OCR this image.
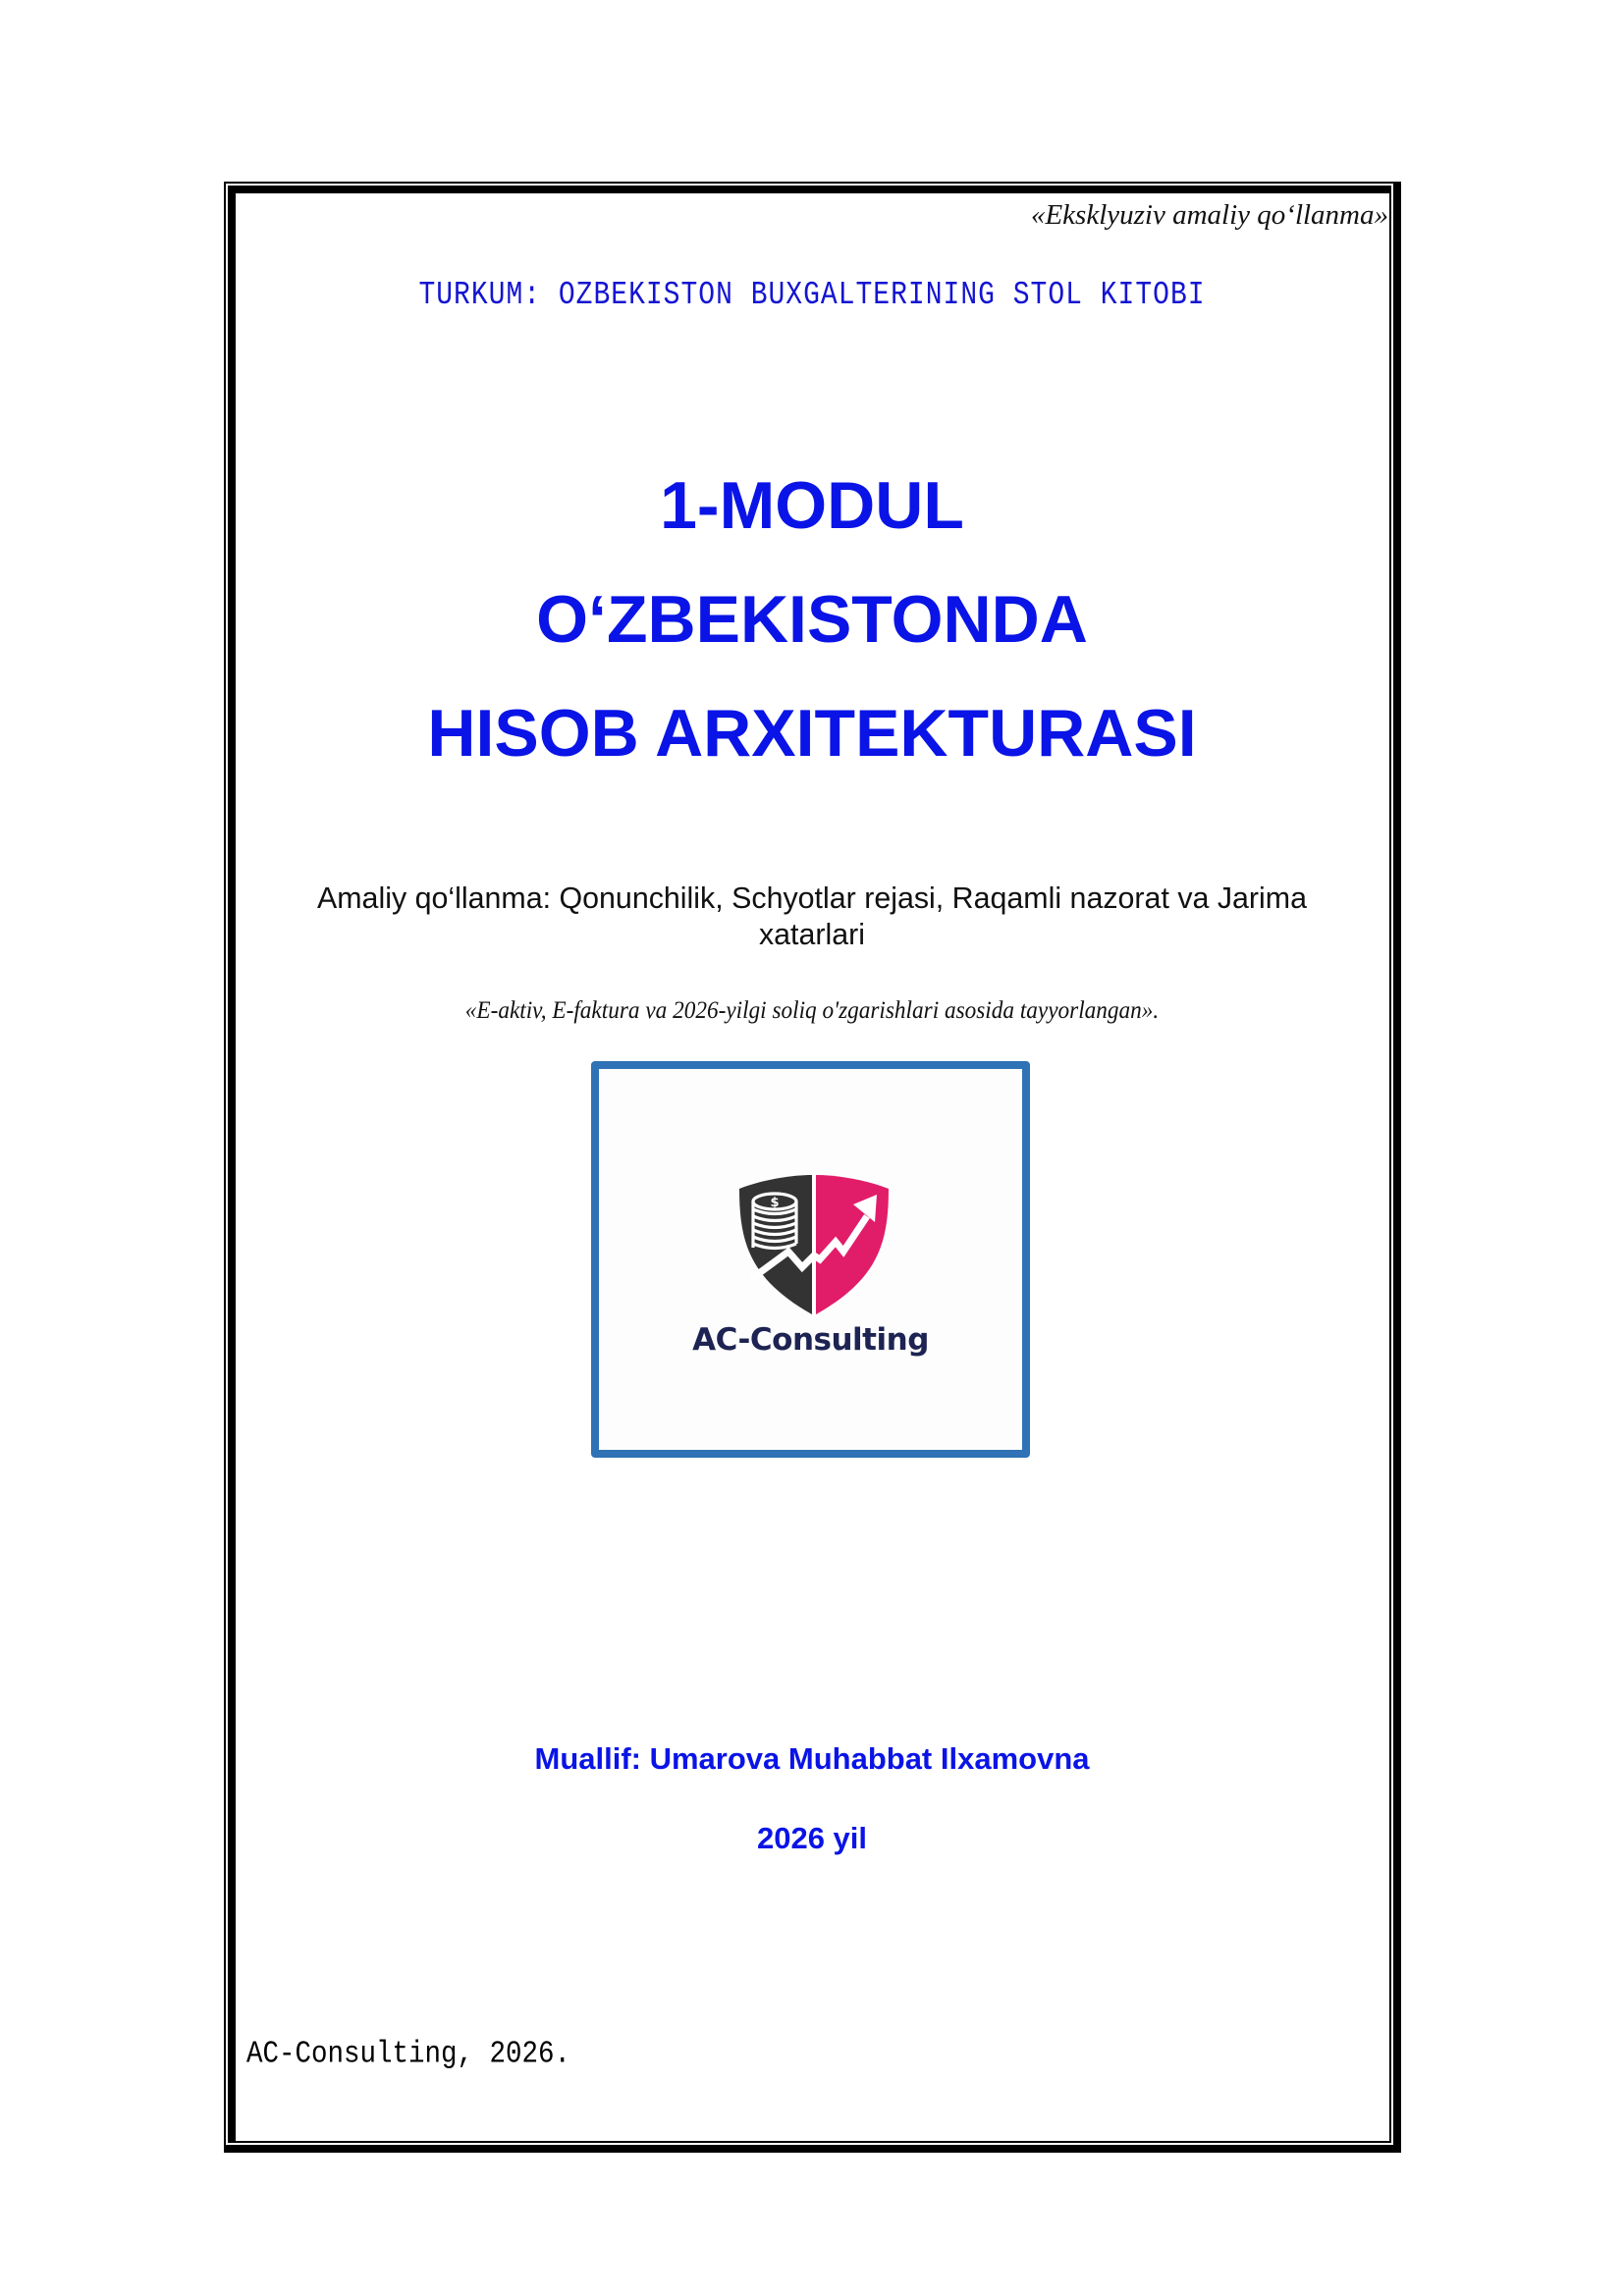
«Eksklyuziv amaliy qo‘llanma»
TURKUM: OZBEKISTON BUXGALTERINING STOL KITOBI
1-MODUL
O‘ZBEKISTONDA
HISOB ARXITEKTURASI
Amaliy qo‘llanma: Qonunchilik, Schyotlar rejasi, Raqamli nazorat va Jarima xatarlari
«E-aktiv, E-faktura va 2026-yilgi soliq o'zgarishlari asosida tayyorlangan».
$
AC-Consulting
Muallif: Umarova Muhabbat Ilxamovna
2026 yil
AC-Consulting, 2026.
